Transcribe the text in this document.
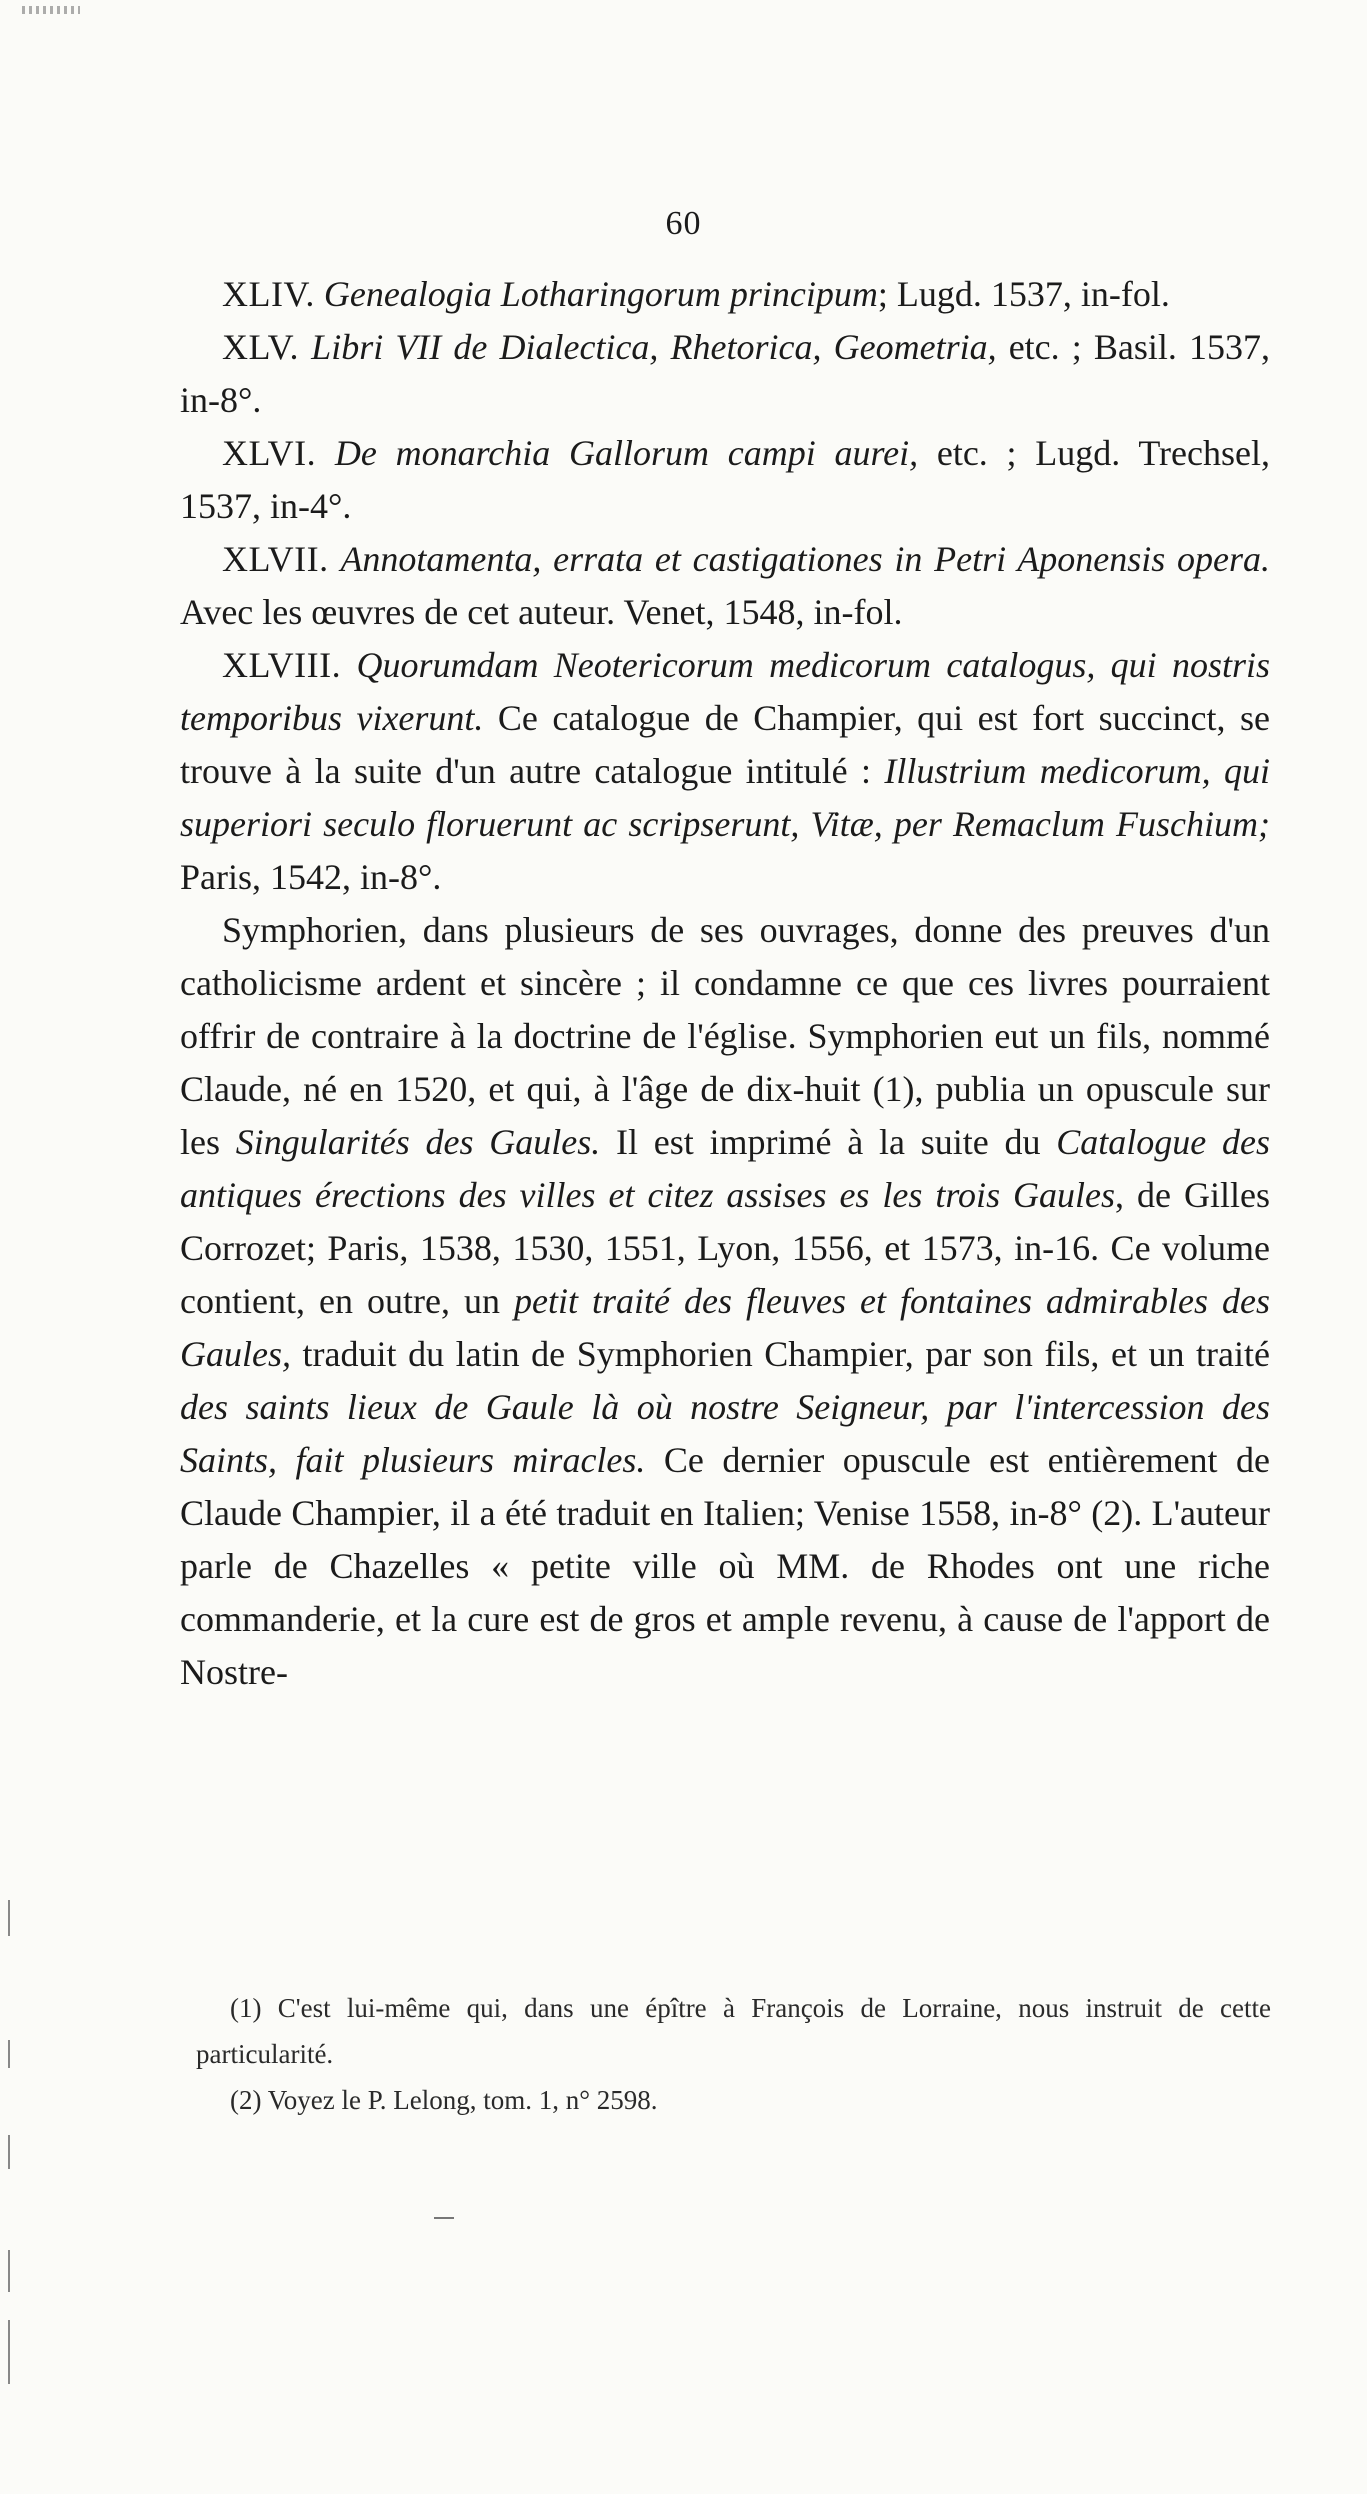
60

XLIV. Genealogia Lotharingorum principum; Lugd. 1537, in-fol.

XLV. Libri VII de Dialectica, Rhetorica, Geometria, etc. ; Basil. 1537, in-8°.

XLVI. De monarchia Gallorum campi aurei, etc. ; Lugd. Trechsel, 1537, in-4°.

XLVII. Annotamenta, errata et castigationes in Petri Aponensis opera. Avec les œuvres de cet auteur. Venet, 1548, in-fol.

XLVIII. Quorumdam Neotericorum medicorum catalogus, qui nostris temporibus vixerunt. Ce catalogue de Champier, qui est fort succinct, se trouve à la suite d'un autre catalogue intitulé : Illustrium medicorum, qui superiori seculo floruerunt ac scripserunt, Vitæ, per Remaclum Fuschium; Paris, 1542, in-8°.

Symphorien, dans plusieurs de ses ouvrages, donne des preuves d'un catholicisme ardent et sincère ; il condamne ce que ces livres pourraient offrir de contraire à la doctrine de l'église. Symphorien eut un fils, nommé Claude, né en 1520, et qui, à l'âge de dix-huit (1), publia un opuscule sur les Singularités des Gaules. Il est imprimé à la suite du Catalogue des antiques érections des villes et citez assises es les trois Gaules, de Gilles Corrozet; Paris, 1538, 1530, 1551, Lyon, 1556, et 1573, in-16. Ce volume contient, en outre, un petit traité des fleuves et fontaines admirables des Gaules, traduit du latin de Symphorien Champier, par son fils, et un traité des saints lieux de Gaule là où nostre Seigneur, par l'intercession des Saints, fait plusieurs miracles. Ce dernier opuscule est entièrement de Claude Champier, il a été traduit en Italien; Venise 1558, in-8° (2). L'auteur parle de Chazelles « petite ville où MM. de Rhodes ont une riche commanderie, et la cure est de gros et ample revenu, à cause de l'apport de Nostre-

(1) C'est lui-même qui, dans une épître à François de Lorraine, nous instruit de cette particularité.

(2) Voyez le P. Lelong, tom. 1, n° 2598.
